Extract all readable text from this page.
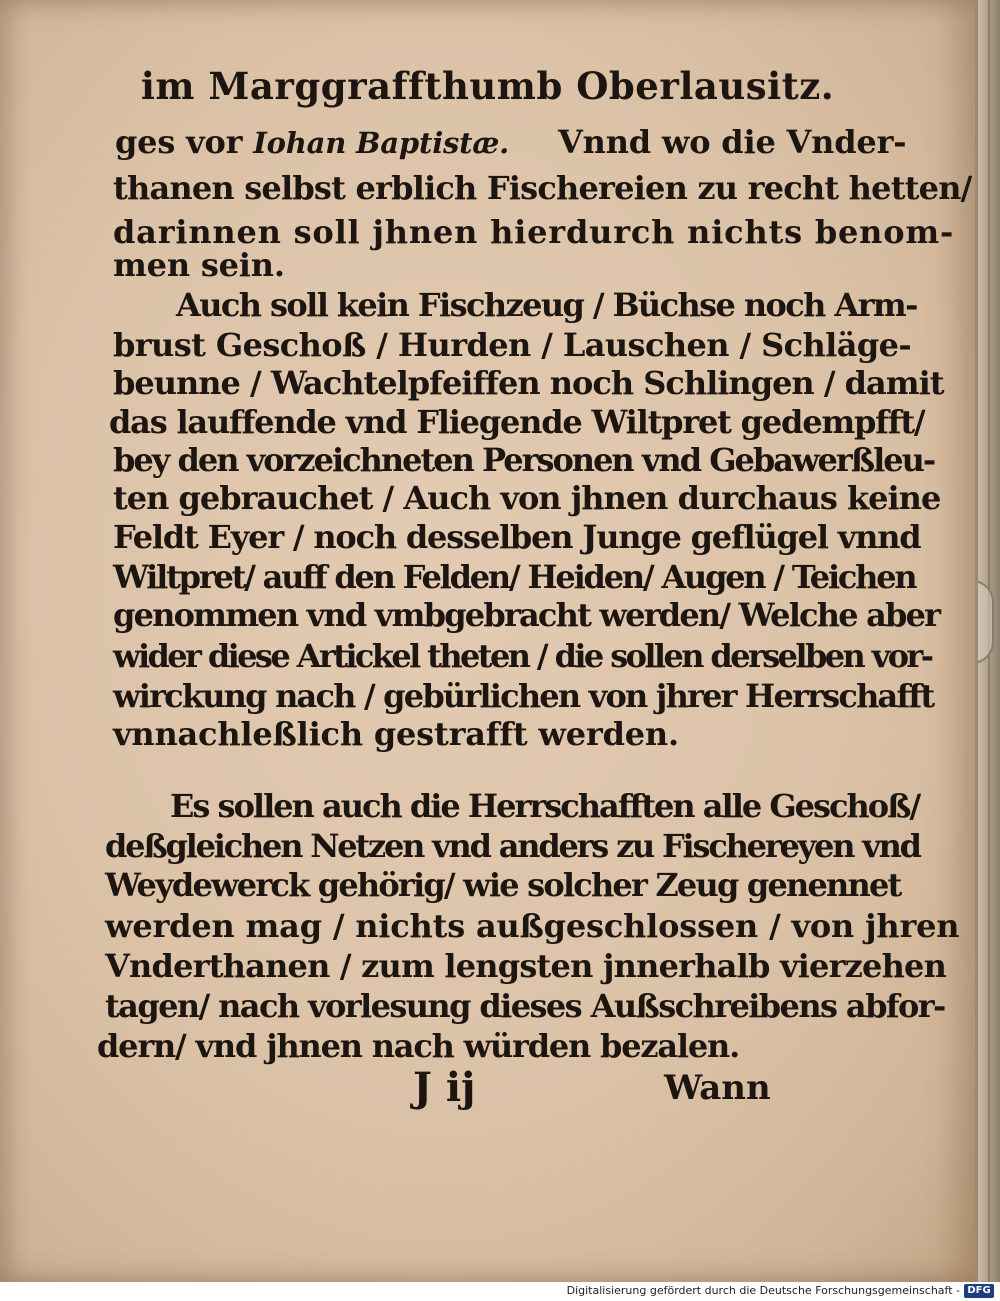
im Marggraffthumb Oberlausitz.
ges vor Iohan Baptistæ. Vnnd wo die Vnder-
thanen selbst erblich Fischereien zu recht hetten/
darinnen soll jhnen hierdurch nichts benom-
men sein.
Auch soll kein Fischzeug / Büchse noch Arm-
brust Geschoß / Hurden / Lauschen / Schläge-
beunne / Wachtelpfeiffen noch Schlingen / damit
das lauffende vnd Fliegende Wiltpret gedempfft/
bey den vorzeichneten Personen vnd Gebawerßleu-
ten gebrauchet / Auch von jhnen durchaus keine
Feldt Eyer / noch desselben Junge geflügel vnnd
Wiltpret/ auff den Felden/ Heiden/ Augen / Teichen
genommen vnd vmbgebracht werden/ Welche aber
wider diese Artickel theten / die sollen derselben vor-
wirckung nach / gebürlichen von jhrer Herrschafft
vnnachleßlich gestrafft werden.
Es sollen auch die Herrschafften alle Geschoß/
deßgleichen Netzen vnd anders zu Fischereyen vnd
Weydewerck gehörig/ wie solcher Zeug genennet
werden mag / nichts außgeschlossen / von jhren
Vnderthanen / zum lengsten jnnerhalb vierzehen
tagen/ nach vorlesung dieses Außschreibens abfor-
dern/ vnd jhnen nach würden bezalen.
J ij	Wann
Digitalisierung gefördert durch die Deutsche Forschungsgemeinschaft - DFG
